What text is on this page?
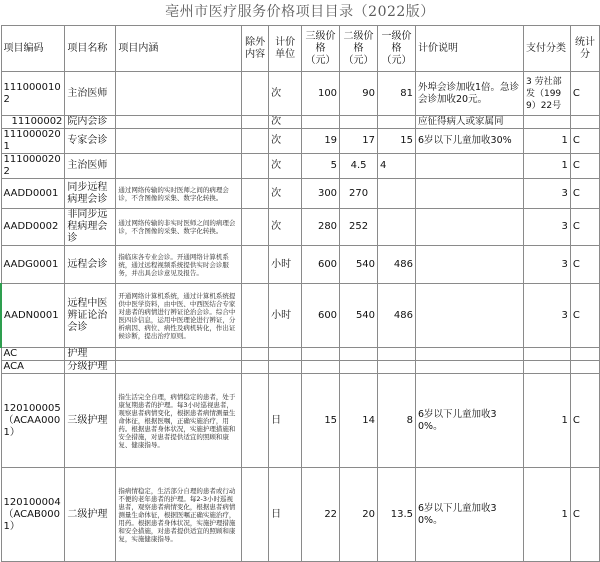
亳州市医疗服务价格项目目录（2022版）
项目编码	项目名称	项目内涵	除外内容	计价单位	三级价格（元）	二级价格（元）	一级价格（元）	计价说明	支付分类	统计分
1110000102	主治医师			次	100	90	81	外埠会诊加收1倍。急诊会诊加收20元。	3 劳社部发（1999）22号	C
11100002	院内会诊			次				应征得病人或家属同		
1110000201	专家会诊			次	19	17	15	6岁以下儿童加收30%	1	C
1110000202	主治医师			次	5	4.5	4		1	C
AADD0001	同步远程病理会诊	通过网络传输的实时医师之间的病理会诊，不含图像的采集、数字化转换。		次	300	270			3	C
AADD0002	非同步远程病理会诊	通过网络传输的非实时医师之间的病理会诊，不含图像的采集、数字化转换。		次	280	252			3	C
AADG0001	远程会诊	指临床各专业会诊。开通网络计算机系统，通过远程视频系统提供实时会诊服务，并出具会诊意见及报告。		小时	600	540	486		3	C
AADN0001	远程中医辨证论治会诊	开通网络计算机系统，通过计算机系统提供中医学资料，由中医、中西医结合专家对患者的病情进行辨证论治会诊。综合中医四诊信息，运用中医理论进行辨证，分析病因、病位、病性及病机转化，作出证候诊断，提出治疗原则。		小时	600	540	486		3	C
AC	护理									
ACA	分级护理									
120100005（ACAA0001）	三级护理	指生活完全自理，病情稳定的患者，处于康复期患者的护理。每3小时巡视患者，观察患者病情变化，根据患者病情测量生命体征，根据医嘱，正确实施治疗，用药。根据患者身体状况，实施护理措施和安全措施，对患者提供适宜的照顾和康复、健康指导。		日	15	14	8	6岁以下儿童加收30%。	1	C
120100004（ACAB0001）	二级护理	指病情稳定，生活部分自理的患者或行动不便的老年患者的护理。每2-3小时巡视患者，观察患者病情变化，根据患者病情测量生命体征，根据医嘱正确实施治疗，用药。根据患者身体状况，实施护理措施和安全措施，对患者提供适宜的照顾和康复，实施健康指导。		日	22	20	13.5	6岁以下儿童加收30%。	1	C
